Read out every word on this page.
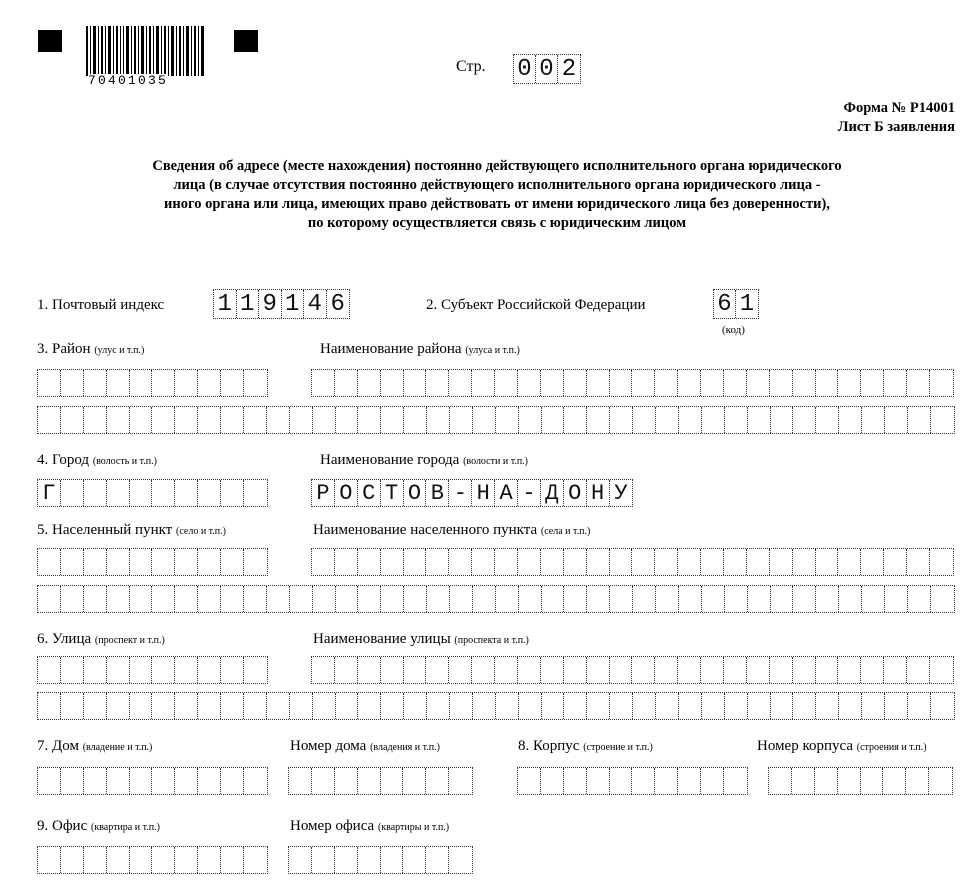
70401035
Стр. 0 0 2
Форма № Р14001
Лист Б заявления
Сведения об адресе (месте нахождения) постоянно действующего исполнительного органа юридического
лица (в случае отсутствия постоянно действующего исполнительного органа юридического лица -
иного органа или лица, имеющих право действовать от имени юридического лица без доверенности),
по которому осуществляется связь с юридическим лицом
1. Почтовый индекс 1 1 9 1 4 6	2. Субъект Российской Федерации	6 1
(код)
3. Район (улус и т.п.)	Наименование района (улуса и т.п.)
4. Город (волость и т.п.)	Наименование города (волости и т.п.)
Г	Р О С Т О В - Н А - Д О Н У
5. Населенный пункт (село и т.п.)	Наименование населенного пункта (села и т.п.)
6. Улица (проспект и т.п.)	Наименование улицы (проспекта и т.п.)
7. Дом (владение и т.п.)	Номер дома (владения и т.п.)	8. Корпус (строение и т.п.)	Номер корпуса (строения и т.п.)
9. Офис (квартира и т.п.)	Номер офиса (квартиры и т.п.)
